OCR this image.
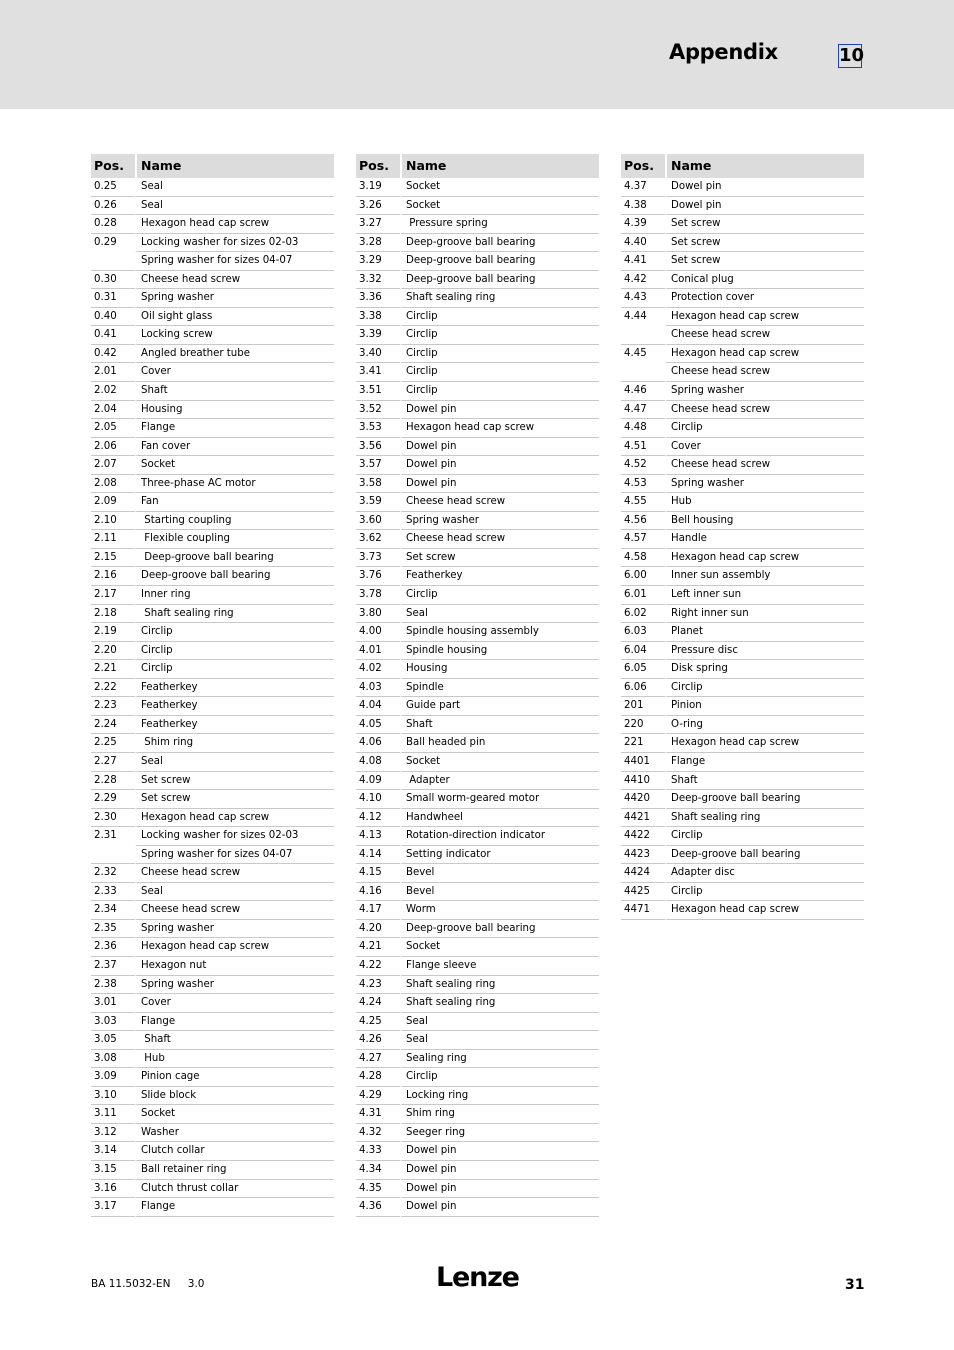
Appendix	10
Pos.	Name
0.25	Seal
0.26	Seal
0.28	Hexagon head cap screw
0.29	Locking washer for sizes 02-03
Spring washer for sizes 04-07
0.30	Cheese head screw
0.31	Spring washer
0.40	Oil sight glass
0.41	Locking screw
0.42	Angled breather tube
2.01	Cover
2.02	Shaft
2.04	Housing
2.05	Flange
2.06	Fan cover
2.07	Socket
2.08	Three-phase AC motor
2.09	Fan
2.10	Starting coupling
2.11	Flexible coupling
2.15	Deep-groove ball bearing
2.16	Deep-groove ball bearing
2.17	Inner ring
2.18	Shaft sealing ring
2.19	Circlip
2.20	Circlip
2.21	Circlip
2.22	Featherkey
2.23	Featherkey
2.24	Featherkey
2.25	Shim ring
2.27	Seal
2.28	Set screw
2.29	Set screw
2.30	Hexagon head cap screw
2.31	Locking washer for sizes 02-03
Spring washer for sizes 04-07
2.32	Cheese head screw
2.33	Seal
2.34	Cheese head screw
2.35	Spring washer
2.36	Hexagon head cap screw
2.37	Hexagon nut
2.38	Spring washer
3.01	Cover
3.03	Flange
3.05	Shaft
3.08	Hub
3.09	Pinion cage
3.10	Slide block
3.11	Socket
3.12	Washer
3.14	Clutch collar
3.15	Ball retainer ring
3.16	Clutch thrust collar
3.17	Flange
Pos.	Name
3.19	Socket
3.26	Socket
3.27	Pressure spring
3.28	Deep-groove ball bearing
3.29	Deep-groove ball bearing
3.32	Deep-groove ball bearing
3.36	Shaft sealing ring
3.38	Circlip
3.39	Circlip
3.40	Circlip
3.41	Circlip
3.51	Circlip
3.52	Dowel pin
3.53	Hexagon head cap screw
3.56	Dowel pin
3.57	Dowel pin
3.58	Dowel pin
3.59	Cheese head screw
3.60	Spring washer
3.62	Cheese head screw
3.73	Set screw
3.76	Featherkey
3.78	Circlip
3.80	Seal
4.00	Spindle housing assembly
4.01	Spindle housing
4.02	Housing
4.03	Spindle
4.04	Guide part
4.05	Shaft
4.06	Ball headed pin
4.08	Socket
4.09	Adapter
4.10	Small worm-geared motor
4.12	Handwheel
4.13	Rotation-direction indicator
4.14	Setting indicator
4.15	Bevel
4.16	Bevel
4.17	Worm
4.20	Deep-groove ball bearing
4.21	Socket
4.22	Flange sleeve
4.23	Shaft sealing ring
4.24	Shaft sealing ring
4.25	Seal
4.26	Seal
4.27	Sealing ring
4.28	Circlip
4.29	Locking ring
4.31	Shim ring
4.32	Seeger ring
4.33	Dowel pin
4.34	Dowel pin
4.35	Dowel pin
4.36	Dowel pin
Pos.	Name
4.37	Dowel pin
4.38	Dowel pin
4.39	Set screw
4.40	Set screw
4.41	Set screw
4.42	Conical plug
4.43	Protection cover
4.44	Hexagon head cap screw
Cheese head screw
4.45	Hexagon head cap screw
Cheese head screw
4.46	Spring washer
4.47	Cheese head screw
4.48	Circlip
4.51	Cover
4.52	Cheese head screw
4.53	Spring washer
4.55	Hub
4.56	Bell housing
4.57	Handle
4.58	Hexagon head cap screw
6.00	Inner sun assembly
6.01	Left inner sun
6.02	Right inner sun
6.03	Planet
6.04	Pressure disc
6.05	Disk spring
6.06	Circlip
201	Pinion
220	O-ring
221	Hexagon head cap screw
4401	Flange
4410	Shaft
4420	Deep-groove ball bearing
4421	Shaft sealing ring
4422	Circlip
4423	Deep-groove ball bearing
4424	Adapter disc
4425	Circlip
4471	Hexagon head cap screw
BA 11.5032-EN 3.0	Lenze	31
